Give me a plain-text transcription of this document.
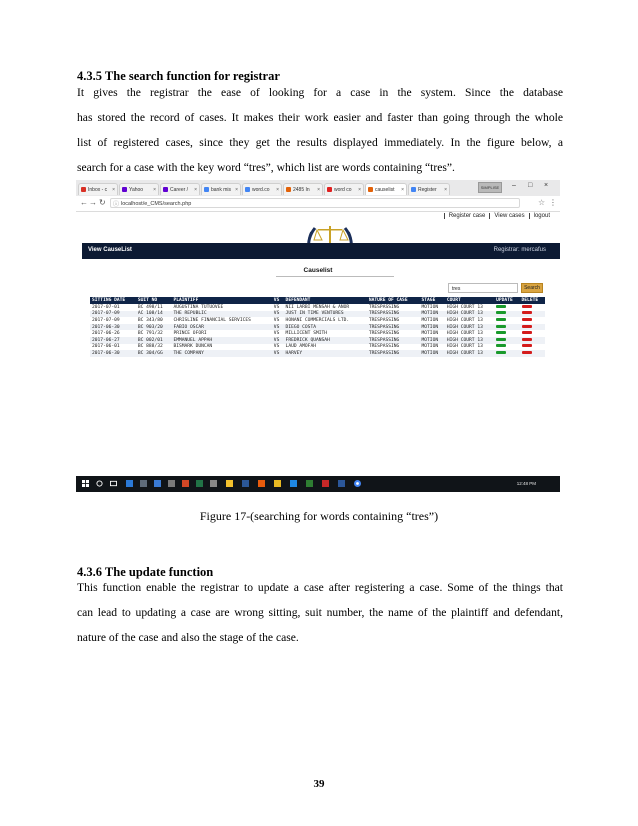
4.3.5 The search function for registrar
It gives the registrar the ease of looking for a case in the system. Since the database
has stored the record of cases. It makes their work easier and faster than going through the whole
list of registered cases, since they get the results displayed immediately. In the figure below, a
search for a case with the key word “tres”, which list are words containing “tres”.
Inbox - c ×	Yahoo ×	Career / ×	bank mis ×	word.co ×	2485 In ×	word co ×	causelist ×	Register ×	SIMPLISE	– □ ×
← → ↻ ⓘ localhost/e_CMS/search.php	☆ ⋮
Register case View cases logout
View CauseList	Registrar: mercafus
Causelist
tres	Search
SITTING DATE	SUIT NO	PLAINTIFF	VS	DEFENDANT	NATURE OF CASE	STAGE	COURT	UPDATE	DELETE
2017-07-01	BC 498/11	AUGUSTINA TUTUOVEE	VS	NII LARBI MENSAH & ANOR	TRESPASSING	MOTION	HIGH COURT 13		
2017-07-09	AC 108/14	THE REPUBLIC	VS	JUST IN TIME VENTURES	TRESPASSING	MOTION	HIGH COURT 13		
2017-07-09	BC 343/80	CHRISLINE FINANCIAL SERVICES	VS	HONANI COMMERCIALS LTD.	TRESPASSING	MOTION	HIGH COURT 13		
2017-06-30	BC 903/20	FABIO OSCAR	VS	DIEGO COSTA	TRESPASSING	MOTION	HIGH COURT 13		
2017-06-26	BC 791/32	PRINCE OFORI	VS	MILLICENT SMITH	TRESPASSING	MOTION	HIGH COURT 13		
2017-06-27	BC 002/01	EMMANUEL APPAH	VS	FREDRICK QUANSAH	TRESPASSING	MOTION	HIGH COURT 13		
2017-06-01	BC 888/32	BISMARK DUNCAN	VS	LAUD AMOFAH	TRESPASSING	MOTION	HIGH COURT 13		
2017-06-30	BC 304/GG	THE COMPANY	VS	HARVEY	TRESPASSING	MOTION	HIGH COURT 13		
12:48 PM
Figure 17-(searching for words containing “tres”)
4.3.6 The update function
This function enable the registrar to update a case after registering a case. Some of the things that
can lead to updating a case are wrong sitting, suit number, the name of the plaintiff and defendant,
nature of the case and also the stage of the case.
39
